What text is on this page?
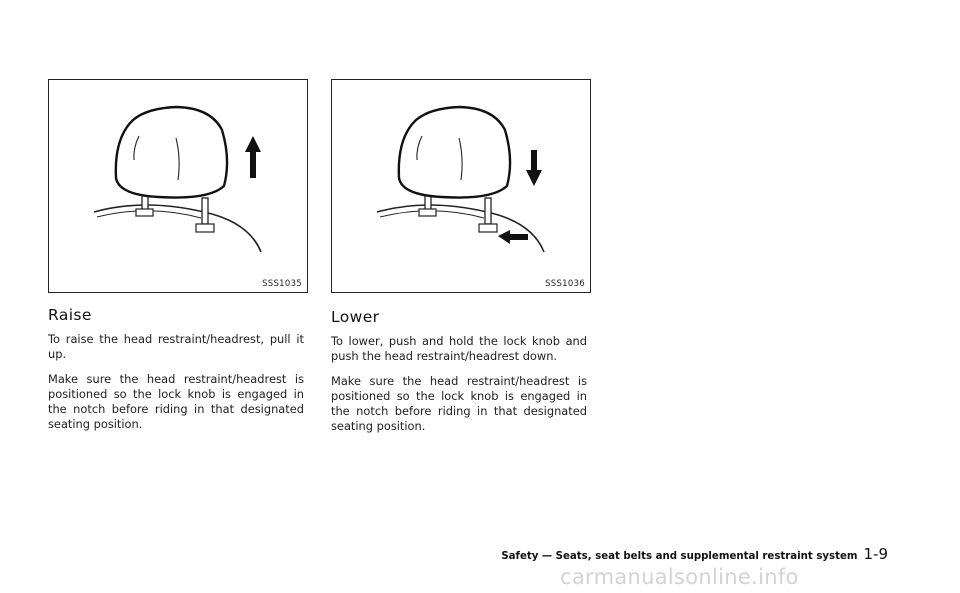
SSS1035	SSS1036
Raise

To raise the head restraint/headrest, pull it up.

Make sure the head restraint/headrest is positioned so the lock knob is engaged in the notch before riding in that designated seating position.

Lower

To lower, push and hold the lock knob and push the head restraint/headrest down.

Make sure the head restraint/headrest is positioned so the lock knob is engaged in the notch before riding in that designated seating position.

Safety — Seats, seat belts and supplemental restraint system 1-9
carmanualsonline.info
